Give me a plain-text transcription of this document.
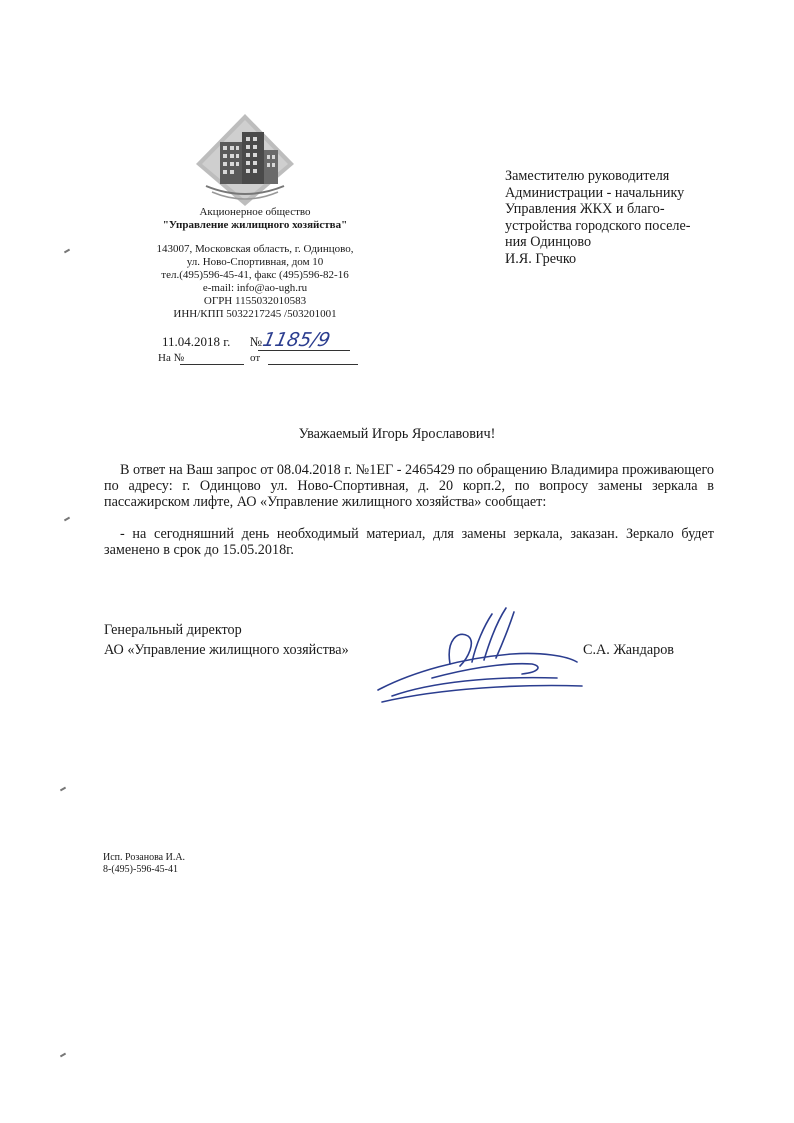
Акционерное общество
"Управление жилищного хозяйства"
143007, Московская область, г. Одинцово,
ул. Ново-Спортивная, дом 10
тел.(495)596-45-41, факс (495)596-82-16
e-mail: info@ao-ugh.ru
ОГРН 1155032010583
ИНН/КПП 5032217245 /503201001
11.04.2018 г. №
1185/9
На №	от
Заместителю руководителя
Администрации - начальнику
Управления ЖКХ и благо-
устройства городского поселе-
ния Одинцово
И.Я. Гречко
Уважаемый Игорь Ярославович!
В ответ на Ваш запрос от 08.04.2018 г. №1ЕГ - 2465429 по обращению Владимира проживающего по адресу: г. Одинцово ул. Ново-Спортивная, д. 20 корп.2, по вопросу замены зеркала в пассажирском лифте, АО «Управление жилищного хозяйства» сообщает:
- на сегодняшний день необходимый материал, для замены зеркала, заказан. Зеркало будет заменено в срок до 15.05.2018г.
Генеральный директор
АО «Управление жилищного хозяйства»	С.А. Жандаров
Исп. Розанова И.А.
8-(495)-596-45-41
